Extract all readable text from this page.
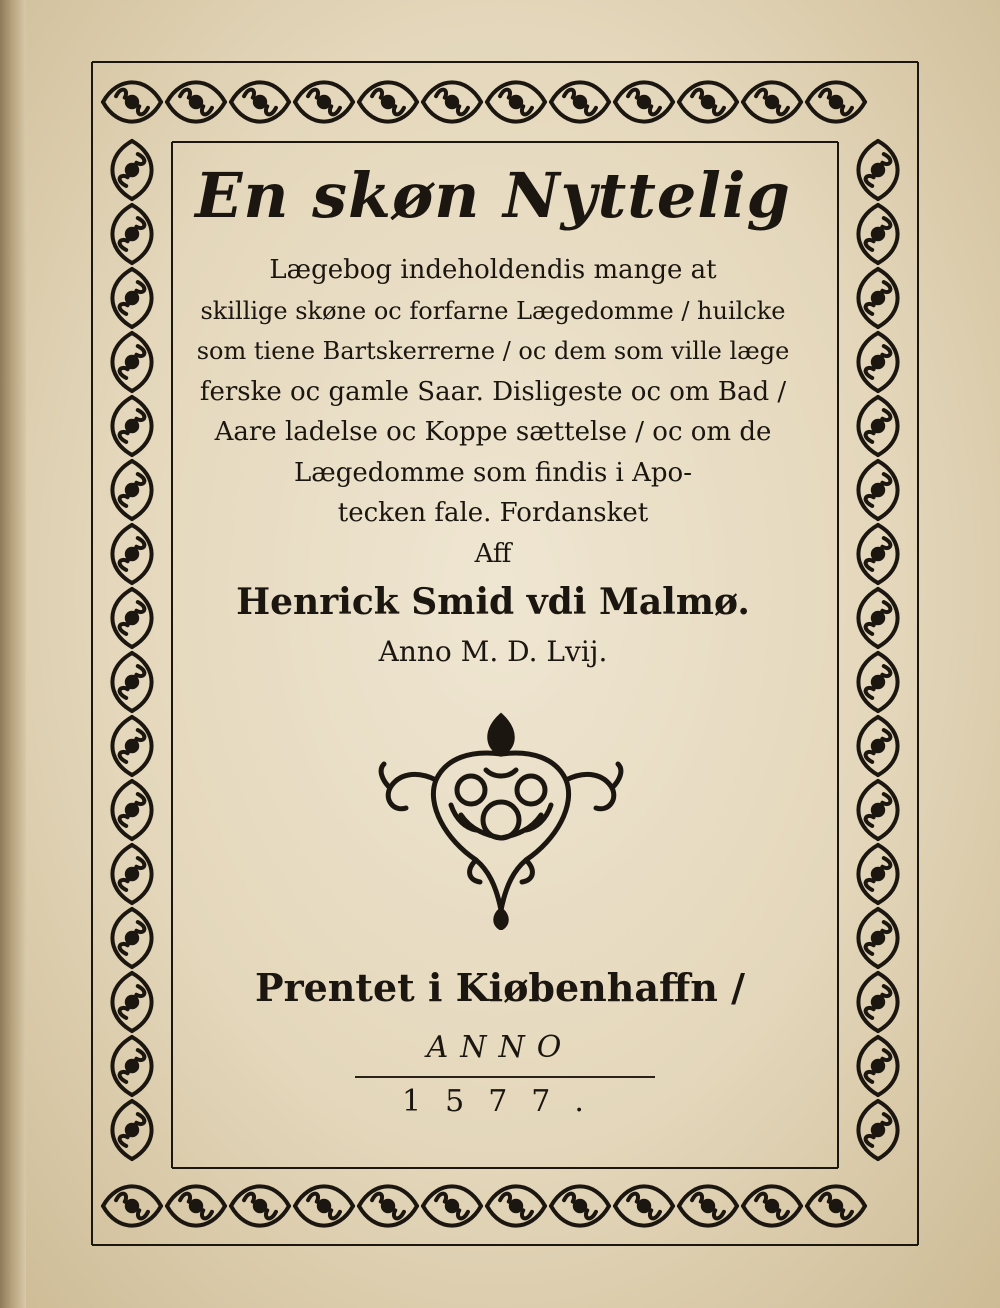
En skøn Nyttelig
Lægebog indeholdendis mange at
skillige skøne oc forfarne Lægedomme / huilcke
som tiene Bartskerrerne / oc dem som ville læge
ferske oc gamle Saar. Disligeste oc om Bad /
Aare ladelse oc Koppe sættelse / oc om de
Lægedomme som findis i Apo-
tecken fale. Fordansket
Aff
Henrick Smid vdi Malmø.
Anno M. D. Lvij.
Prentet i Kiøbenhaffn /
ANNO
1577.
